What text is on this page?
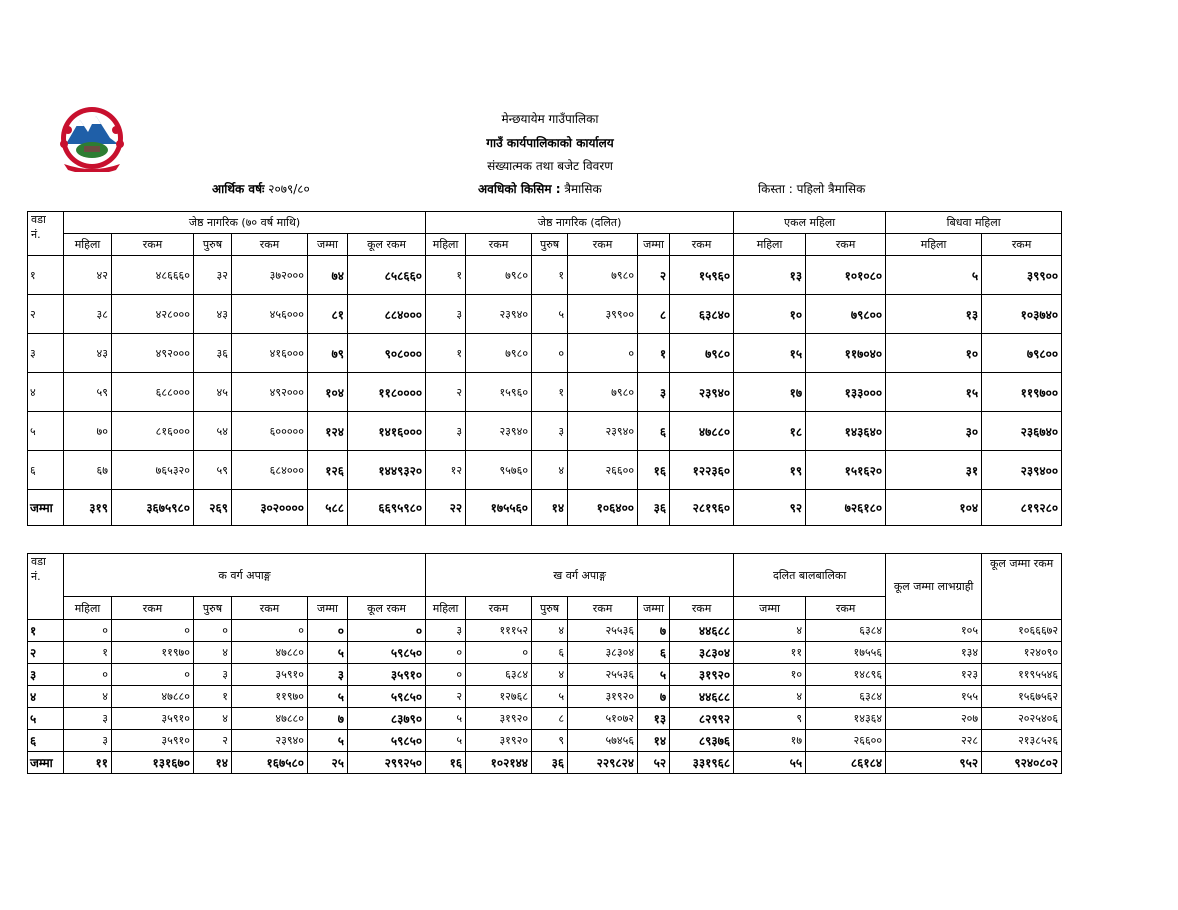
मेन्छयायेम गाउँपालिका
गाउँ कार्यपालिकाको कार्यालय
संख्यात्मक तथा बजेट विवरण
आर्थिक वर्षः २०७९/८०	अवधिको किसिम : त्रैमासिक	किस्ता : पहिलो त्रैमासिक
वडा
नं.	जेष्ठ नागरिक (७० वर्ष माथि)						जेष्ठ नागरिक (दलित)						एकल महिला		बिधवा महिला	
	महिला	रकम	पुरुष	रकम	जम्मा	कूल रकम	महिला	रकम	पुरुष	रकम	जम्मा	रकम	महिला	रकम	महिला	रकम
१	४२	४८६६६०	३२	३७२०००	७४	८५८६६०	१	७९८०	१	७९८०	२	१५९६०	१३	१०१०८०	५	३९९००
२	३८	४२८०००	४३	४५६०००	८१	८८४०००	३	२३९४०	५	३९९००	८	६३८४०	१०	७९८००	१३	१०३७४०
३	४३	४९२०००	३६	४१६०००	७९	९०८०००	१	७९८०	०	०	१	७९८०	१५	११७०४०	१०	७९८००
४	५९	६८८०००	४५	४९२०००	१०४	११८००००	२	१५९६०	१	७९८०	३	२३९४०	१७	१३३०००	१५	११९७००
५	७०	८१६०००	५४	६०००००	१२४	१४१६०००	३	२३९४०	३	२३९४०	६	४७८८०	१८	१४३६४०	३०	२३६७४०
६	६७	७६५३२०	५९	६८४०००	१२६	१४४९३२०	१२	९५७६०	४	२६६००	१६	१२२३६०	१९	१५१६२०	३१	२३९४००
जम्मा	३१९	३६७५९८०	२६९	३०२००००	५८८	६६९५९८०	२२	१७५५६०	१४	१०६४००	३६	२८१९६०	९२	७२६१८०	१०४	८१९२८०
वडा
नं.	क वर्ग अपाङ्ग						ख वर्ग अपाङ्ग						दलित बालबालिका		कूल जम्मा लाभग्राही	कूल जम्मा रकम
	महिला	रकम	पुरुष	रकम	जम्मा	कूल रकम	महिला	रकम	पुरुष	रकम	जम्मा	रकम	जम्मा	रकम		
१	०	०	०	०	०	०	३	१११५२	४	२५५३६	७	४४६८८	४	६३८४	१०५	१०६६६७२
२	१	११९७०	४	४७८८०	५	५९८५०	०	०	६	३८३०४	६	३८३०४	११	१७५५६	१३४	१२४०९०
३	०	०	३	३५९१०	३	३५९१०	०	६३८४	४	२५५३६	५	३१९२०	१०	१४८९६	१२३	११९५५४६
४	४	४७८८०	१	११९७०	५	५९८५०	२	१२७६८	५	३१९२०	७	४४६८८	४	६३८४	१५५	१५६७५६२
५	३	३५९१०	४	४७८८०	७	८३७९०	५	३१९२०	८	५१०७२	१३	८२९९२	९	१४३६४	२०७	२०२५४०६
६	३	३५९१०	२	२३९४०	५	५९८५०	५	३१९२०	९	५७४५६	१४	८९३७६	१७	२६६००	२२८	२१३८५२६
जम्मा	११	१३१६७०	१४	१६७५८०	२५	२९९२५०	१६	१०२१४४	३६	२२९८२४	५२	३३१९६८	५५	८६१८४	९५२	९२४०८०२
